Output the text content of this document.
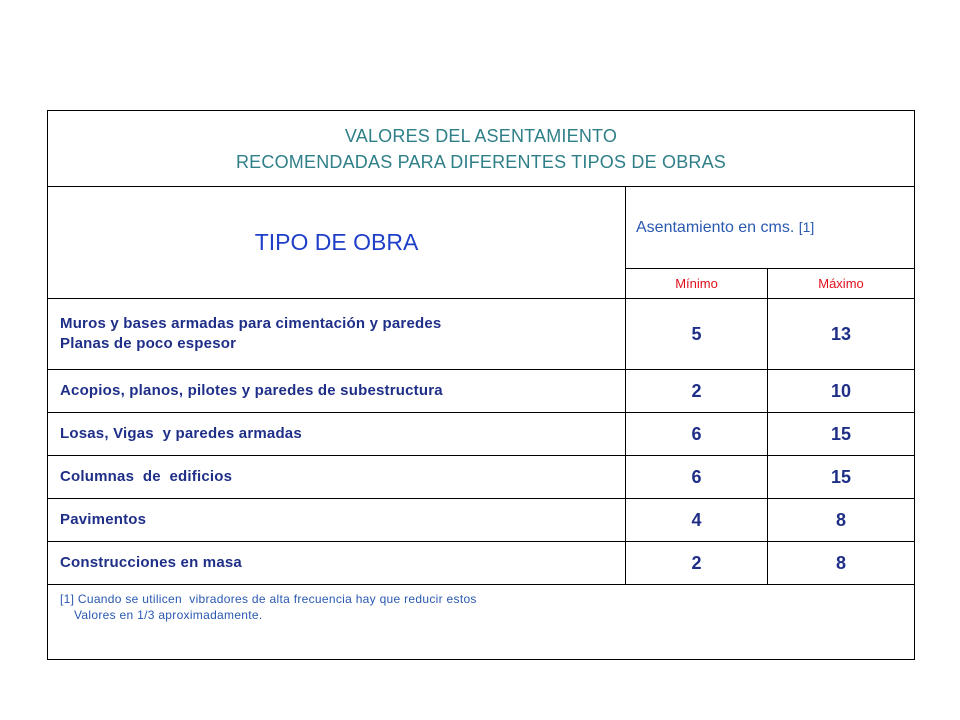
VALORES DEL ASENTAMIENTO
RECOMENDADAS PARA DIFERENTES TIPOS DE OBRAS		

TIPO DE OBRA	Asentamiento en cms. [1]	
	Mínimo	Máximo

Muros y bases armadas para cimentación y paredes
Planas de poco espesor	5	13
Acopios, planos, pilotes y paredes de subestructura	2	10
Losas, Vigas  y paredes armadas	6	15
Columnas  de  edificios	6	15
Pavimentos	4	8
Construcciones en masa	2	8

[1] Cuando se utilicen  vibradores de alta frecuencia hay que reducir estos
Valores en 1/3 aproximadamente.		
